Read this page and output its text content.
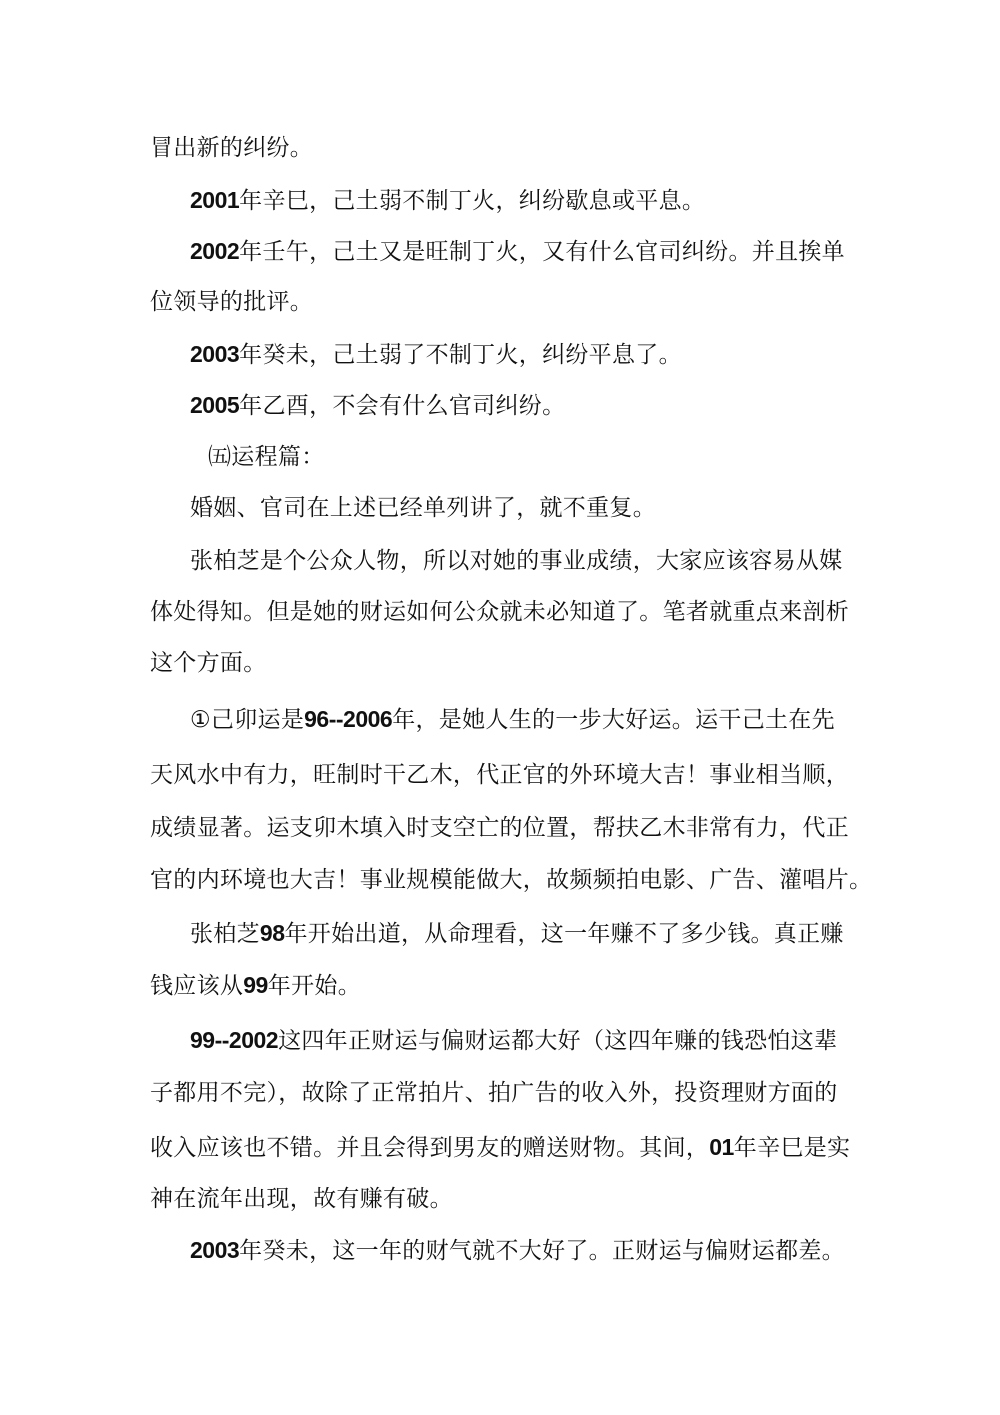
冒出新的纠纷。
2001年辛巳，己土弱不制丁火，纠纷歇息或平息。
2002年壬午，己土又是旺制丁火，又有什么官司纠纷。并且挨单
位领导的批评。
2003年癸未，己土弱了不制丁火，纠纷平息了。
2005年乙酉，不会有什么官司纠纷。
㈤运程篇：
婚姻、官司在上述已经单列讲了，就不重复。
张柏芝是个公众人物，所以对她的事业成绩，大家应该容易从媒
体处得知。但是她的财运如何公众就未必知道了。笔者就重点来剖析
这个方面。
①己卯运是96--2006年，是她人生的一步大好运。运干己土在先
天风水中有力，旺制时干乙木，代正官的外环境大吉！事业相当顺，
成绩显著。运支卯木填入时支空亡的位置，帮扶乙木非常有力，代正
官的内环境也大吉！事业规模能做大，故频频拍电影、广告、灌唱片。
张柏芝98年开始出道，从命理看，这一年赚不了多少钱。真正赚
钱应该从99年开始。
99--2002这四年正财运与偏财运都大好（这四年赚的钱恐怕这辈
子都用不完），故除了正常拍片、拍广告的收入外，投资理财方面的
收入应该也不错。并且会得到男友的赠送财物。其间，01年辛巳是实
神在流年出现，故有赚有破。
2003年癸未，这一年的财气就不大好了。正财运与偏财运都差。
